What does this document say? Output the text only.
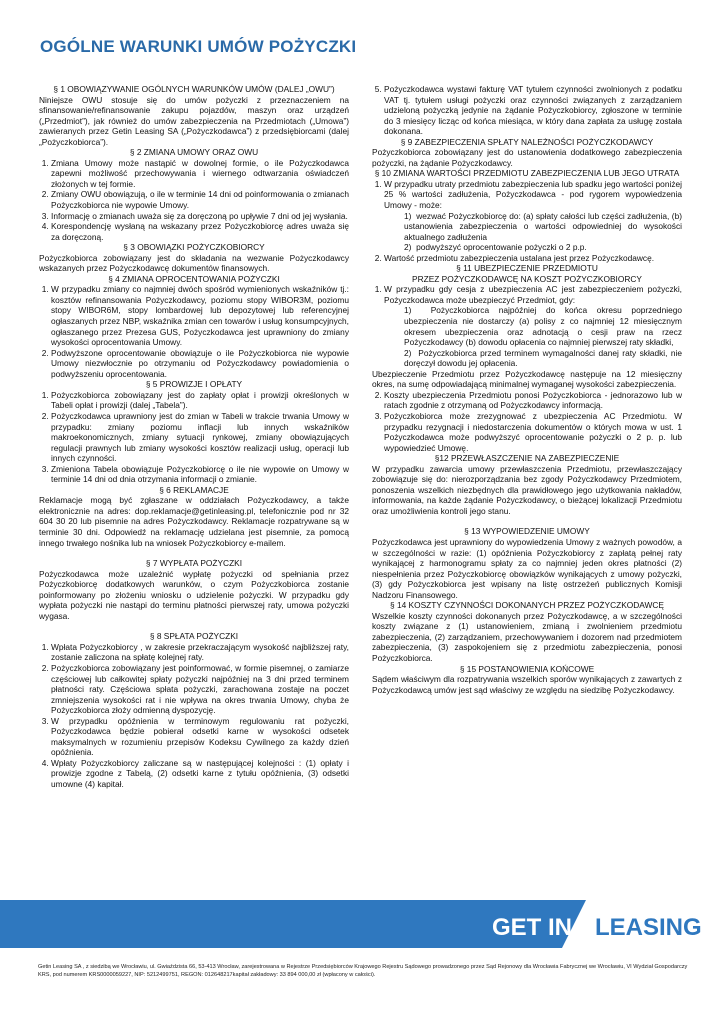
OGÓLNE WARUNKI UMÓW POŻYCZKI

§ 1 OBOWIĄZYWANIE OGÓLNYCH WARUNKÓW UMÓW (DALEJ „OWU”)

Niniejsze OWU stosuje się do umów pożyczki z przeznaczeniem na sfinansowanie/refinansowanie zakupu pojazdów, maszyn oraz urządzeń („Przedmiot”), jak również do umów zabezpieczenia na Przedmiotach („Umowa”) zawieranych przez Getin Leasing SA („Pożyczkodawca”) z przedsiębiorcami (dalej „Pożyczkobiorca”).

§ 2 ZMIANA UMOWY ORAZ OWU

1. Zmiana Umowy może nastąpić w dowolnej formie, o ile Pożyczkodawca zapewni możliwość przechowywania i wiernego odtwarzania oświadczeń złożonych w tej formie.
2. Zmiany OWU obowiązują, o ile w terminie 14 dni od poinformowania o zmianach Pożyczkobiorca nie wypowie Umowy.
3. Informację o zmianach uważa się za doręczoną po upływie 7 dni od jej wysłania.
4. Korespondencję wysłaną na wskazany przez Pożyczkobiorcę adres uważa się za doręczoną.

§ 3 OBOWIĄZKI POŻYCZKOBIORCY

Pożyczkobiorca zobowiązany jest do składania na wezwanie Pożyczkodawcy wskazanych przez Pożyczkodawcę dokumentów finansowych.

§ 4 ZMIANA OPROCENTOWANIA POŻYCZKI

1. W przypadku zmiany co najmniej dwóch spośród wymienionych wskaźników tj.: kosztów refinansowania Pożyczkodawcy, poziomu stopy WIBOR3M, poziomu stopy WIBOR6M, stopy lombardowej lub depozytowej lub referencyjnej ogłaszanych przez NBP, wskaźnika zmian cen towarów i usług konsumpcyjnych, ogłaszanego przez Prezesa GUS, Pożyczkodawca jest uprawniony do zmiany wysokości oprocentowania Umowy.
2. Podwyższone oprocentowanie obowiązuje o ile Pożyczkobiorca nie wypowie Umowy niezwłocznie po otrzymaniu od Pożyczkodawcy powiadomienia o podwyższeniu oprocentowania.

§ 5 PROWIZJE I OPŁATY

1. Pożyczkobiorca zobowiązany jest do zapłaty opłat i prowizji określonych w Tabeli opłat i prowizji (dalej „Tabela”).
2. Pożyczkodawca uprawniony jest do zmian w Tabeli w trakcie trwania Umowy w przypadku: zmiany poziomu inflacji lub innych wskaźników makroekonomicznych, zmiany sytuacji rynkowej, zmiany obowiązujących regulacji prawnych lub zmiany wysokości kosztów realizacji usług, operacji lub innych czynności.
3. Zmieniona Tabela obowiązuje Pożyczkobiorcę o ile nie wypowie on Umowy w terminie 14 dni od dnia otrzymania informacji o zmianie.

§ 6 REKLAMACJE

Reklamacje mogą być zgłaszane w oddziałach Pożyczkodawcy, a także elektronicznie na adres: dop.reklamacje@getinleasing.pl, telefonicznie pod nr 32 604 30 20 lub pisemnie na adres Pożyczkodawcy. Reklamacje rozpatrywane są w terminie 30 dni. Odpowiedź na reklamację udzielana jest pisemnie, za pomocą innego trwałego nośnika lub na wniosek Pożyczkobiorcy e-mailem.

§ 7 WYPŁATA POŻYCZKI

Pożyczkodawca może uzależnić wypłatę pożyczki od spełniania przez Pożyczkobiorcę dodatkowych warunków, o czym Pożyczkobiorca zostanie poinformowany po złożeniu wniosku o udzielenie pożyczki. W przypadku gdy wypłata pożyczki nie nastąpi do terminu płatności pierwszej raty, umowa pożyczki wygasa.

§ 8 SPŁATA POŻYCZKI

1. Wpłata Pożyczkobiorcy , w zakresie przekraczającym wysokość najbliższej raty, zostanie zaliczona na spłatę kolejnej raty.
2. Pożyczkobiorca zobowiązany jest poinformować, w formie pisemnej, o zamiarze częściowej lub całkowitej spłaty pożyczki najpóźniej na 3 dni przed terminem płatności raty. Częściowa spłata pożyczki, zarachowana zostaje na poczet zmniejszenia wysokości rat i nie wpływa na okres trwania Umowy, chyba że Pożyczkobiorca złoży odmienną dyspozycję.
3. W przypadku opóźnienia w terminowym regulowaniu rat pożyczki, Pożyczkodawca będzie pobierał odsetki karne w wysokości odsetek maksymalnych w rozumieniu przepisów Kodeksu Cywilnego za każdy dzień opóźnienia.
4. Wpłaty Pożyczkobiorcy zaliczane są w następującej kolejności : (1) opłaty i prowizje zgodne z Tabelą, (2) odsetki karne z tytułu opóźnienia, (3) odsetki umowne (4) kapitał.
5. Pożyczkodawca wystawi fakturę VAT tytułem czynności zwolnionych z podatku VAT tj. tytułem usługi pożyczki oraz czynności związanych z zarządzaniem udzieloną pożyczką jedynie na żądanie Pożyczkobiorcy, zgłoszone w terminie do 3 miesięcy licząc od końca miesiąca, w który dana zapłata za usługę została dokonana.

§ 9 ZABEZPIECZENIA SPŁATY NALEŻNOŚCI POŻYCZKODAWCY

Pożyczkobiorca zobowiązany jest do ustanowienia dodatkowego zabezpieczenia pożyczki, na żądanie Pożyczkodawcy.

§ 10 ZMIANA WARTOŚCI PRZEDMIOTU ZABEZPIECZENIA LUB JEGO UTRATA

1. W przypadku utraty przedmiotu zabezpieczenia lub spadku jego wartości poniżej 25 % wartości zadłużenia, Pożyczkodawca - pod rygorem wypowiedzenia Umowy - może:
1)  wezwać Pożyczkobiorcę do: (a) spłaty całości lub części zadłużenia, (b) ustanowienia zabezpieczenia o wartości odpowiedniej do wysokości aktualnego zadłużenia
2)  podwyższyć oprocentowanie pożyczki o 2 p.p.
2. Wartość przedmiotu zabezpieczenia ustalana jest przez Pożyczkodawcę.

§ 11 UBEZPIECZENIE PRZEDMIOTU

PRZEZ POŻYCZKODAWCĘ NA KOSZT POŻYCZKOBIORCY

1. W przypadku gdy cesja z ubezpieczenia AC jest zabezpieczeniem pożyczki, Pożyczkodawca może ubezpieczyć Przedmiot, gdy:
1)  Pożyczkobiorca najpóźniej do końca okresu poprzedniego ubezpieczenia nie dostarczy (a) polisy z co najmniej 12 miesięcznym okresem ubezpieczenia oraz adnotacją o cesji praw na rzecz Pożyczkodawcy (b) dowodu opłacenia co najmniej pierwszej raty składki,
2)  Pożyczkobiorca przed terminem wymagalności danej raty składki, nie doręczył dowodu jej opłacenia.

Ubezpieczenie Przedmiotu przez Pożyczkodawcę następuje na 12 miesięczny okres, na sumę odpowiadającą minimalnej wymaganej wysokości zabezpieczenia.

2. Koszty ubezpieczenia Przedmiotu ponosi Pożyczkobiorca - jednorazowo lub w ratach zgodnie z otrzymaną od Pożyczkodawcy informacją.
3. Pożyczkobiorca może zrezygnować z ubezpieczenia AC Przedmiotu. W przypadku rezygnacji i niedostarczenia dokumentów o których mowa w ust. 1 Pożyczkodawca może podwyższyć oprocentowanie pożyczki o 2 p. p. lub wypowiedzieć Umowę.

§12 PRZEWŁASZCZENIE NA ZABEZPIECZENIE

W przypadku zawarcia umowy przewłaszczenia Przedmiotu, przewłaszczający zobowiązuje się do: nierozporządzania bez zgody Pożyczkodawcy Przedmiotem, ponoszenia wszelkich niezbędnych dla prawidłowego jego użytkowania nakładów, informowania, na każde żądanie Pożyczkodawcy, o bieżącej lokalizacji Przedmiotu oraz umożliwienia kontroli jego stanu.

§ 13 WYPOWIEDZENIE UMOWY

Pożyczkodawca jest uprawniony do wypowiedzenia Umowy z ważnych powodów, a w szczególności w razie: (1) opóźnienia Pożyczkobiorcy z zapłatą pełnej raty wynikającej z harmonogramu spłaty za co najmniej jeden okres płatności (2) niespełnienia przez Pożyczkobiorcę obowiązków wynikających z umowy pożyczki, (3) gdy Pożyczkobiorca jest wpisany na listę ostrzeżeń publicznych Komisji Nadzoru Finansowego.

§ 14 KOSZTY CZYNNOŚCI DOKONANYCH PRZEZ POŻYCZKODAWCĘ

Wszelkie koszty czynności dokonanych przez Pożyczkodawcę, a w szczególności koszty związane z (1) ustanowieniem, zmianą i zwolnieniem przedmiotu zabezpieczenia, (2) zarządzaniem, przechowywaniem i dozorem nad przedmiotem zabezpieczenia, (3) zaspokojeniem się z przedmiotu zabezpieczenia, ponosi Pożyczkobiorca.

§ 15 POSTANOWIENIA KOŃCOWE

Sądem właściwym dla rozpatrywania wszelkich sporów wynikających z zawartych z Pożyczkodawcą umów jest sąd właściwy ze względu na siedzibę Pożyczkodawcy.

GET IN LEASING
Getin Leasing SA , z siedzibą we Wrocławiu, ul. Gwiaździsta 66, 53-413 Wrocław, zarejestrowana w Rejestrze Przedsiębiorców Krajowego Rejestru Sądowego prowadzonego przez Sąd Rejonowy dla Wrocławia Fabrycznej we Wrocławiu, VI Wydział Gospodarczy KRS, pod numerem KRS0000059227, NIP: 5212499751, REGON: 012648217kapitał zakładowy: 33 894 000,00 zł (wpłacony w całości).
